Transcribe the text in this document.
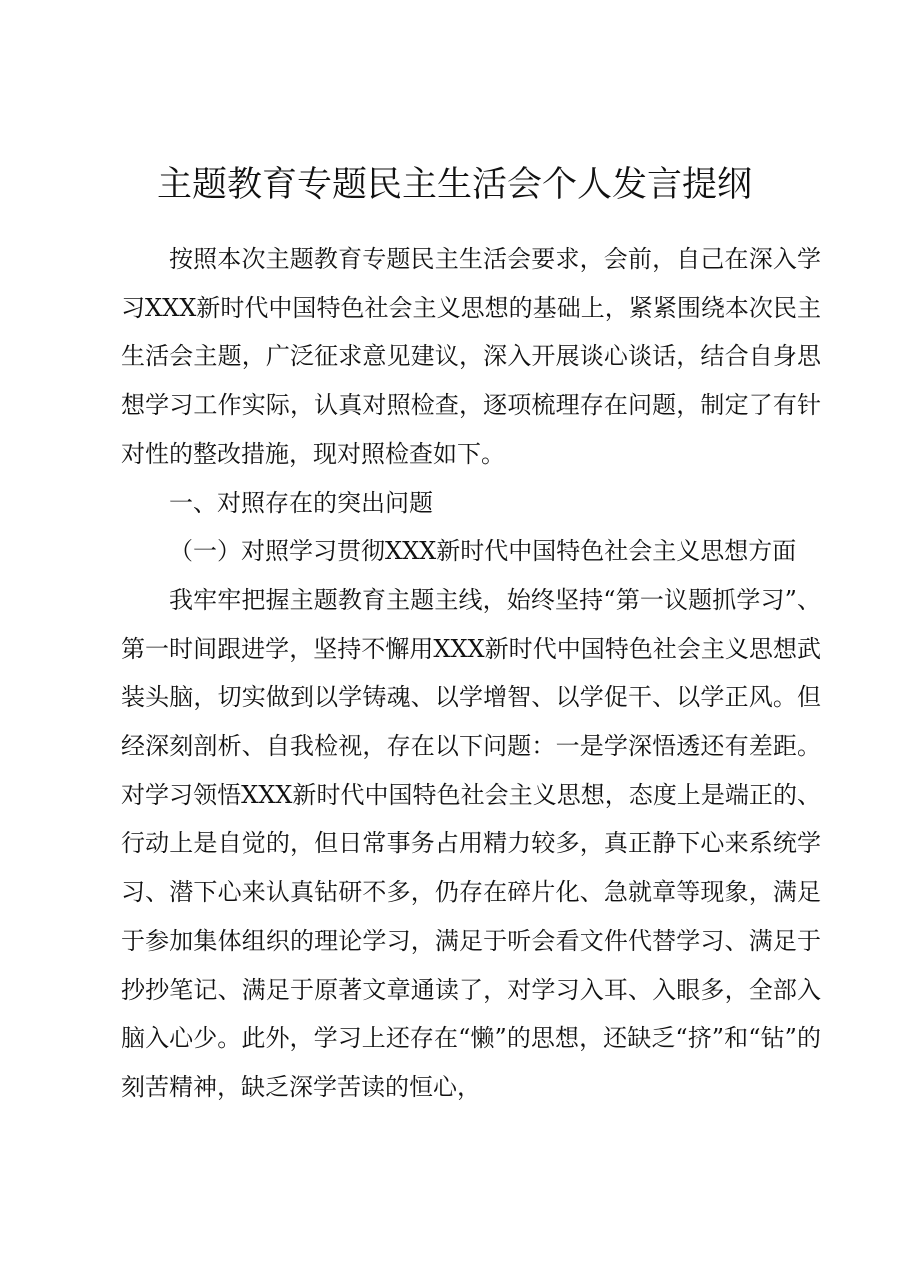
主题教育专题民主生活会个人发言提纲

按照本次主题教育专题民主生活会要求，会前，自己在深入学习XXX新时代中国特色社会主义思想的基础上，紧紧围绕本次民主生活会主题，广泛征求意见建议，深入开展谈心谈话，结合自身思想学习工作实际，认真对照检查，逐项梳理存在问题，制定了有针对性的整改措施，现对照检查如下。

一、对照存在的突出问题

（一）对照学习贯彻XXX新时代中国特色社会主义思想方面

我牢牢把握主题教育主题主线，始终坚持“第一议题抓学习”、第一时间跟进学，坚持不懈用XXX新时代中国特色社会主义思想武装头脑，切实做到以学铸魂、以学增智、以学促干、以学正风。但经深刻剖析、自我检视，存在以下问题：一是学深悟透还有差距。对学习领悟XXX新时代中国特色社会主义思想，态度上是端正的、行动上是自觉的，但日常事务占用精力较多，真正静下心来系统学习、潜下心来认真钻研不多，仍存在碎片化、急就章等现象，满足于参加集体组织的理论学习，满足于听会看文件代替学习、满足于抄抄笔记、满足于原著文章通读了，对学习入耳、入眼多，全部入脑入心少。此外，学习上还存在“懒”的思想，还缺乏“挤”和“钻”的刻苦精神，缺乏深学苦读的恒心，
